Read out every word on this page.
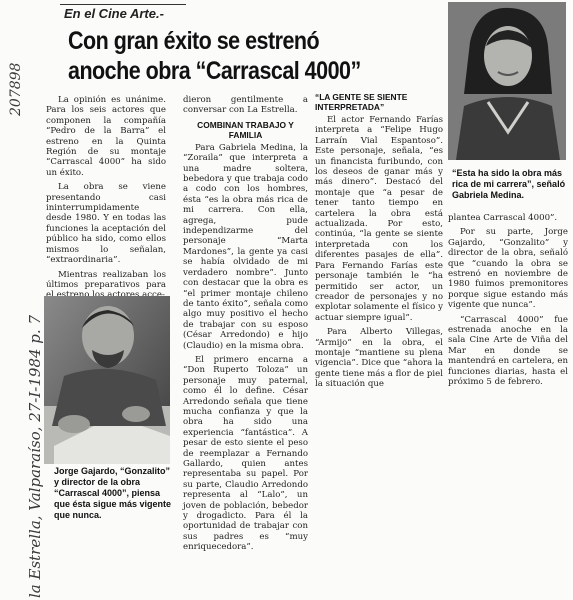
En el Cine Arte.-
Con gran éxito se estrenó
anoche obra “Carrascal 4000”
la Estrella, Valparaíso, 27-I-1984 p. 7
207898	La opinión es unánime. Para los seis actores que componen la compañía “Pedro de la Barra” el estreno en la Quinta Región de su montaje “Carrascal 4000” ha sido un éxito.

La obra se viene presentando casi ininterrumpidamente desde 1980. Y en todas las funciones la aceptación del público ha sido, como ellos mismos lo señalan, “extraordinaria”.

Mientras realizaban los últimos preparativos para

Jorge Gajardo, “Gonzalito” y director de la obra “Carrascal 4000”, piensa que ésta sigue más vigente que nunca.

dieron gentilmente a conversar con La Estrella.

COMBINAN TRABAJO Y FAMILIA

Para Gabriela Medina, la “Zoraila” que interpreta a una madre soltera, bebedora y que trabaja codo a codo con los hombres, ésta “es la obra más rica de mi carrera. Con ella, agrega, pude independizarme del personaje “Marta Mardones”, la gente ya casi se había olvidado de mi verdadero nombre”. Junto con destacar que la obra es “el primer montaje chileno de tanto éxito”, señala como algo muy positivo el hecho de trabajar con su esposo (César Arredondo) e hijo (Claudio) en la misma obra.

El primero encarna a “Don Ruperto Toloza” un personaje muy paternal, como él lo define. César Arredondo señala que tiene mucha confianza y que la obra ha sido una experiencia “fantástica”. A pesar de esto siente el peso de reemplazar a Fernando Gallardo, quien antes representaba su papel. Por su parte, Claudio Arredondo representa al “Lalo”, un joven de población, bebedor y drogadicto. Para él la oportunidad de trabajar con sus padres es “muy enriquecedora”.

“LA GENTE SE SIENTE INTERPRETADA”

El actor Fernando Farías interpreta a “Felipe Hugo Larraín Vial Espantoso”. Este personaje, señala, “es un financista furibundo, con los deseos de ganar más y más dinero”. Destacó del montaje que “a pesar de tener tanto tiempo en cartelera la obra está actualizada. Por esto, continúa, “la gente se siente interpretada con los diferentes pasajes de ella”. Para Fernando Farías este personaje también le “ha permitido ser actor, un creador de personajes y no explotar solamente el físico y actuar siempre igual”.

Para Alberto Villegas, “Armijo” en la obra, el montaje “mantiene su plena vigencia”. Dice que “ahora la gente tiene más a flor de piel la situación que

“Esta ha sido la obra más rica de mi carrera”, señaló Gabriela Medina.

plantea Carrascal 4000”.

Por su parte, Jorge Gajardo, “Gonzalito” y director de la obra, señaló que “cuando la obra se estrenó en noviembre de 1980 fuimos premonitores porque sigue estando más vigente que nunca”.

“Carrascal 4000” fue estrenada anoche en la sala Cine Arte de Viña del Mar en donde se mantendrá en cartelera, en funciones diarias, hasta el próximo 5 de febrero.
